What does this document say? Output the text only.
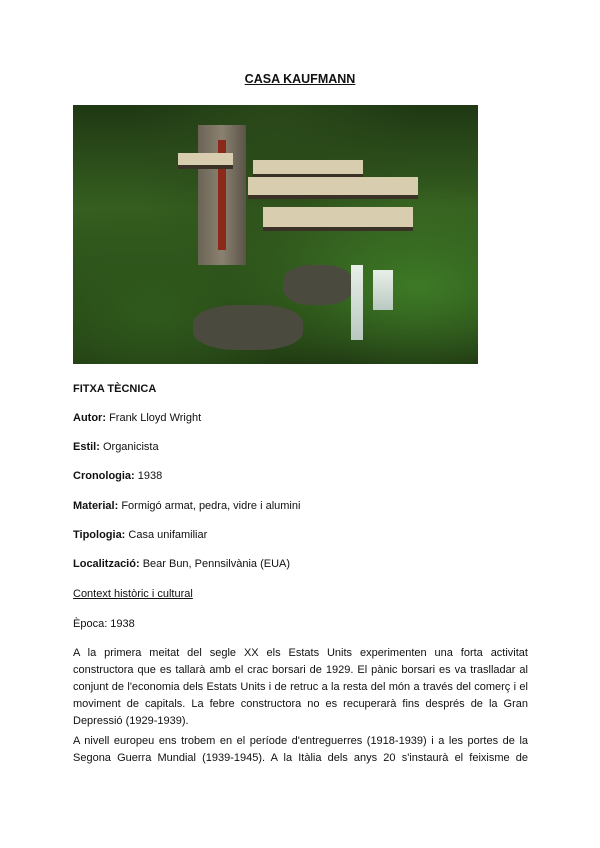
CASA KAUFMANN
FITXA TÈCNICA
Autor: Frank Lloyd Wright
Estil: Organicista
Cronologia: 1938
Material: Formigó armat, pedra, vidre i alumini
Tipologia: Casa unifamiliar
Localització: Bear Bun, Pennsilvània (EUA)
Context històric i cultural
Època: 1938

A la primera meitat del segle XX els Estats Units experimenten una forta activitat constructora que es tallarà amb el crac borsari de 1929. El pànic borsari es va traslladar al conjunt de l'economia dels Estats Units i de retruc a la resta del món a través del comerç i el moviment de capitals. La febre constructora no es recuperarà fins després de la Gran Depressió (1929-1939).

A nivell europeu ens trobem en el període d'entreguerres (1918-1939) i a les portes de la Segona Guerra Mundial (1939-1945). A la Itàlia dels anys 20 s'instaurà el feixisme de
